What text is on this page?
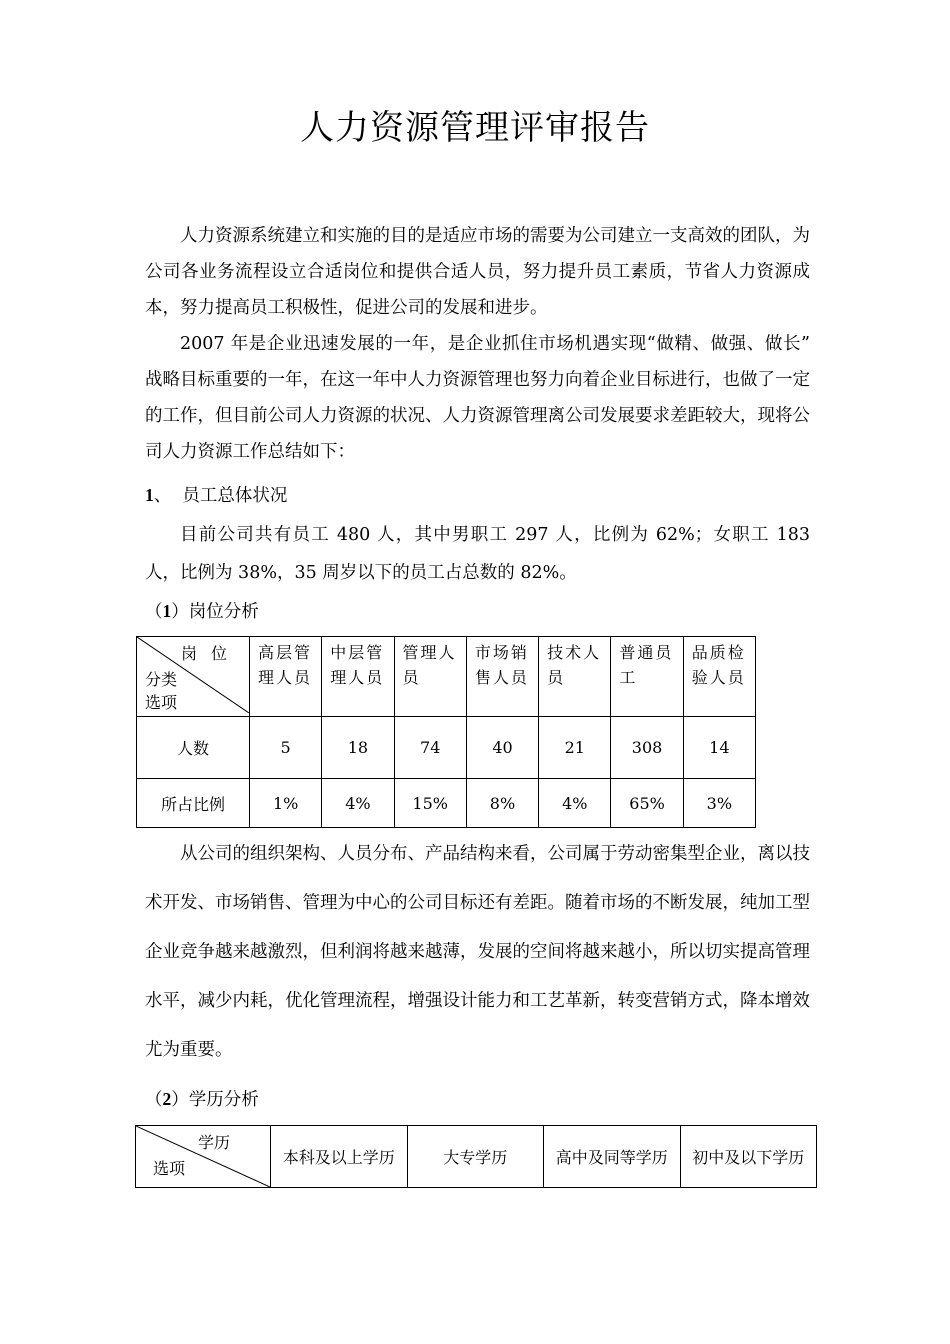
人力资源管理评审报告

人力资源系统建立和实施的目的是适应市场的需要为公司建立一支高效的团队，为公司各业务流程设立合适岗位和提供合适人员，努力提升员工素质，节省人力资源成本，努力提高员工积极性，促进公司的发展和进步。

2007 年是企业迅速发展的一年，是企业抓住市场机遇实现“做精、做强、做长” 战略目标重要的一年，在这一年中人力资源管理也努力向着企业目标进行，也做了一定的工作，但目前公司人力资源的状况、人力资源管理离公司发展要求差距较大，现将公司人力资源工作总结如下：

1、 员工总体状况

目前公司共有员工 480 人，其中男职工 297 人，比例为 62%；女职工 183 人，比例为 38%，35 周岁以下的员工占总数的 82%。

（1）岗位分析
岗位
分类
选项	高层管理人员	中层管理人员	管理人员	市场销售人员	技术人员	普通员工	品质检验人员
人数	5	18	74	40	21	308	14
所占比例	1%	4%	15%	8%	4%	65%	3%

从公司的组织架构、人员分布、产品结构来看，公司属于劳动密集型企业，离以技术开发、市场销售、管理为中心的公司目标还有差距。随着市场的不断发展，纯加工型企业竞争越来越激烈，但利润将越来越薄，发展的空间将越来越小，所以切实提高管理水平，减少内耗，优化管理流程，增强设计能力和工艺革新，转变营销方式，降本增效尤为重要。

（2）学历分析
学历
选项
	本科及以上学历	大专学历	高中及同等学历	初中及以下学历
